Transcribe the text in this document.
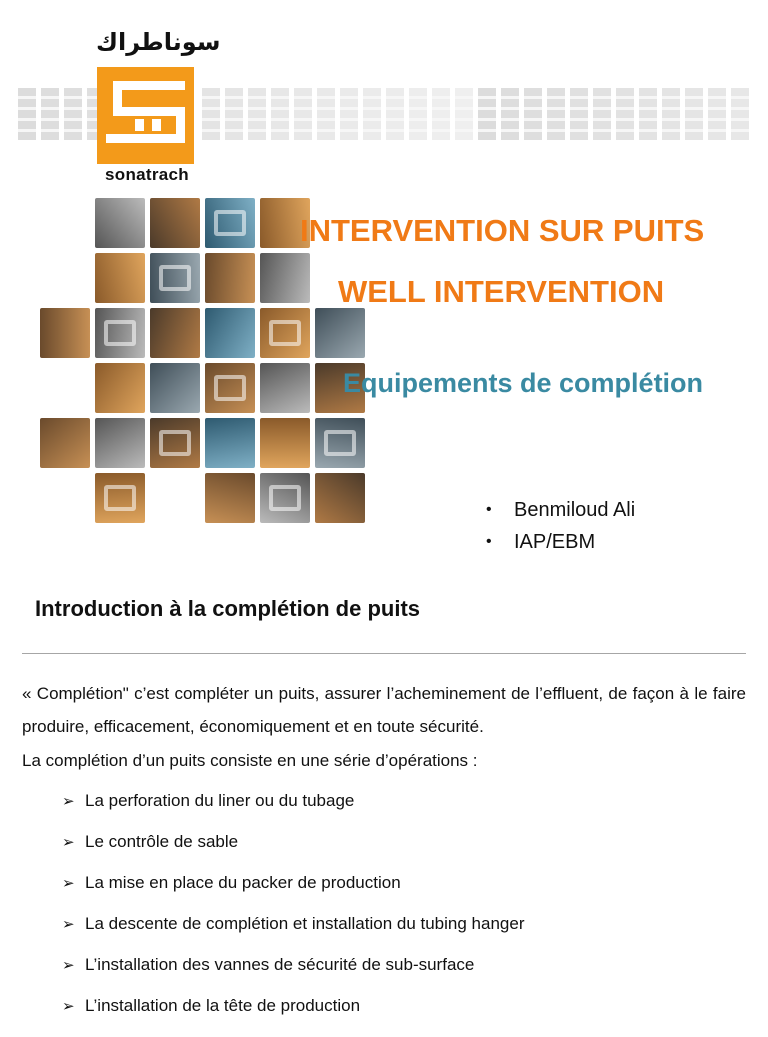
سوناطراك
sonatrach
INTERVENTION SUR PUITS
WELL INTERVENTION
Equipements de complétion
•	Benmiloud Ali
•	IAP/EBM
Introduction à la complétion de puits
« Complétion" c’est compléter un puits, assurer l’acheminement de l’effluent, de façon à le faire produire, efficacement, économiquement et en toute sécurité.
La complétion d’un puits consiste en une série d’opérations :
➢ La perforation du liner ou du tubage
➢ Le contrôle de sable
➢ La mise en place du packer de production
➢ La descente de complétion et installation du tubing hanger
➢ L’installation des vannes de sécurité de sub-surface
➢ L’installation de la tête de production
